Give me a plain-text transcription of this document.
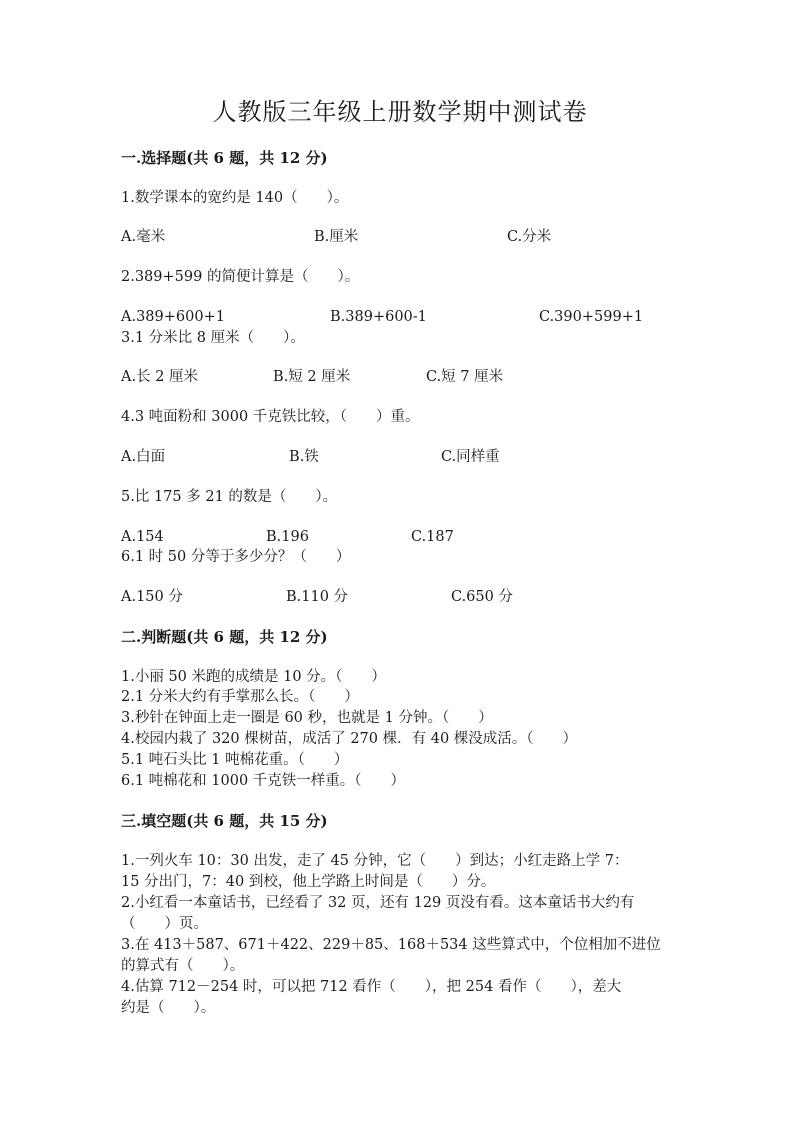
人教版三年级上册数学期中测试卷
一.选择题(共 6 题，共 12 分)
1.数学课本的宽约是 140（　　）。
A.毫米	B.厘米	C.分米
2.389+599 的简便计算是（　　）。
A.389+600+1	B.389+600-1	C.390+599+1
3.1 分米比 8 厘米（　　）。
A.长 2 厘米	B.短 2 厘米	C.短 7 厘米
4.3 吨面粉和 3000 千克铁比较，（　　）重。
A.白面	B.铁	C.同样重
5.比 175 多 21 的数是（　　）。
A.154	B.196	C.187
6.1 时 50 分等于多少分？（　　）
A.150 分	B.110 分	C.650 分
二.判断题(共 6 题，共 12 分)
1.小丽 50 米跑的成绩是 10 分。（　　）
2.1 分米大约有手掌那么长。（　　）
3.秒针在钟面上走一圈是 60 秒，也就是 1 分钟。（　　）
4.校园内栽了 320 棵树苗，成活了 270 棵．有 40 棵没成活。（　　）
5.1 吨石头比 1 吨棉花重。（　　）
6.1 吨棉花和 1000 千克铁一样重。（　　）
三.填空题(共 6 题，共 15 分)
1.一列火车 10：30 出发，走了 45 分钟，它（　　）到达；小红走路上学 7：
15 分出门，7：40 到校，他上学路上时间是（　　）分。
2.小红看一本童话书，已经看了 32 页，还有 129 页没有看。这本童话书大约有
（　　）页。
3.在 413＋587、671＋422、229＋85、168＋534 这些算式中，个位相加不进位
的算式有（　　）。
4.估算 712－254 时，可以把 712 看作（　　），把 254 看作（　　），差大
约是（　　）。
